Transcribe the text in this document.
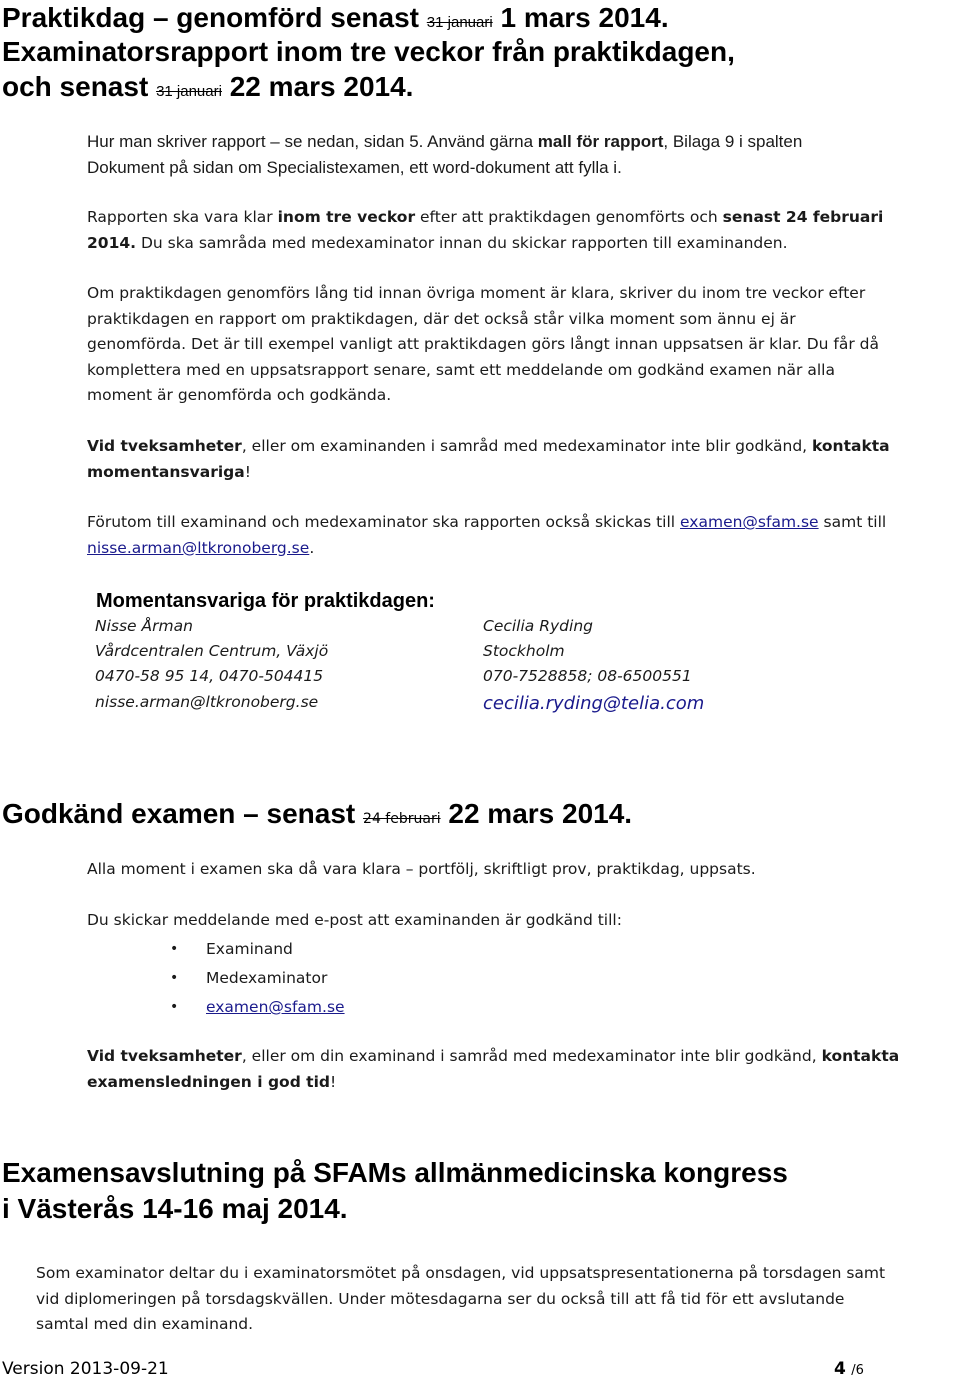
Praktikdag – genomförd senast 31 januari 1 mars 2014.
Examinatorsrapport inom tre veckor från praktikdagen,
och senast 31 januari 22 mars 2014.
Hur man skriver rapport – se nedan, sidan 5. Använd gärna mall för rapport, Bilaga 9 i spalten
Dokument på sidan om Specialistexamen, ett word-dokument att fylla i.
Rapporten ska vara klar inom tre veckor efter att praktikdagen genomförts och senast 24 februari
2014. Du ska samråda med medexaminator innan du skickar rapporten till examinanden.
Om praktikdagen genomförs lång tid innan övriga moment är klara, skriver du inom tre veckor efter
praktikdagen en rapport om praktikdagen, där det också står vilka moment som ännu ej är
genomförda. Det är till exempel vanligt att praktikdagen görs långt innan uppsatsen är klar. Du får då
komplettera med en uppsatsrapport senare, samt ett meddelande om godkänd examen när alla
moment är genomförda och godkända.
Vid tveksamheter, eller om examinanden i samråd med medexaminator inte blir godkänd, kontakta
momentansvariga!
Förutom till examinand och medexaminator ska rapporten också skickas till examen@sfam.se samt till
nisse.arman@ltkronoberg.se.
Momentansvariga för praktikdagen:
Nisse Årman
Vårdcentralen Centrum, Växjö
0470-58 95 14, 0470-504415
nisse.arman@ltkronoberg.se
Cecilia Ryding
Stockholm
070-7528858; 08-6500551
cecilia.ryding@telia.com
Godkänd examen – senast 24 februari 22 mars 2014.
Alla moment i examen ska då vara klara – portfölj, skriftligt prov, praktikdag, uppsats.
Du skickar meddelande med e-post att examinanden är godkänd till:
• Examinand
• Medexaminator
• examen@sfam.se
Vid tveksamheter, eller om din examinand i samråd med medexaminator inte blir godkänd, kontakta
examensledningen i god tid!
Examensavslutning på SFAMs allmänmedicinska kongress
i Västerås 14-16 maj 2014.
Som examinator deltar du i examinatorsmötet på onsdagen, vid uppsatspresentationerna på torsdagen samt
vid diplomeringen på torsdagskvällen. Under mötesdagarna ser du också till att få tid för ett avslutande
samtal med din examinand.
Version 2013-09-21	4 /6
